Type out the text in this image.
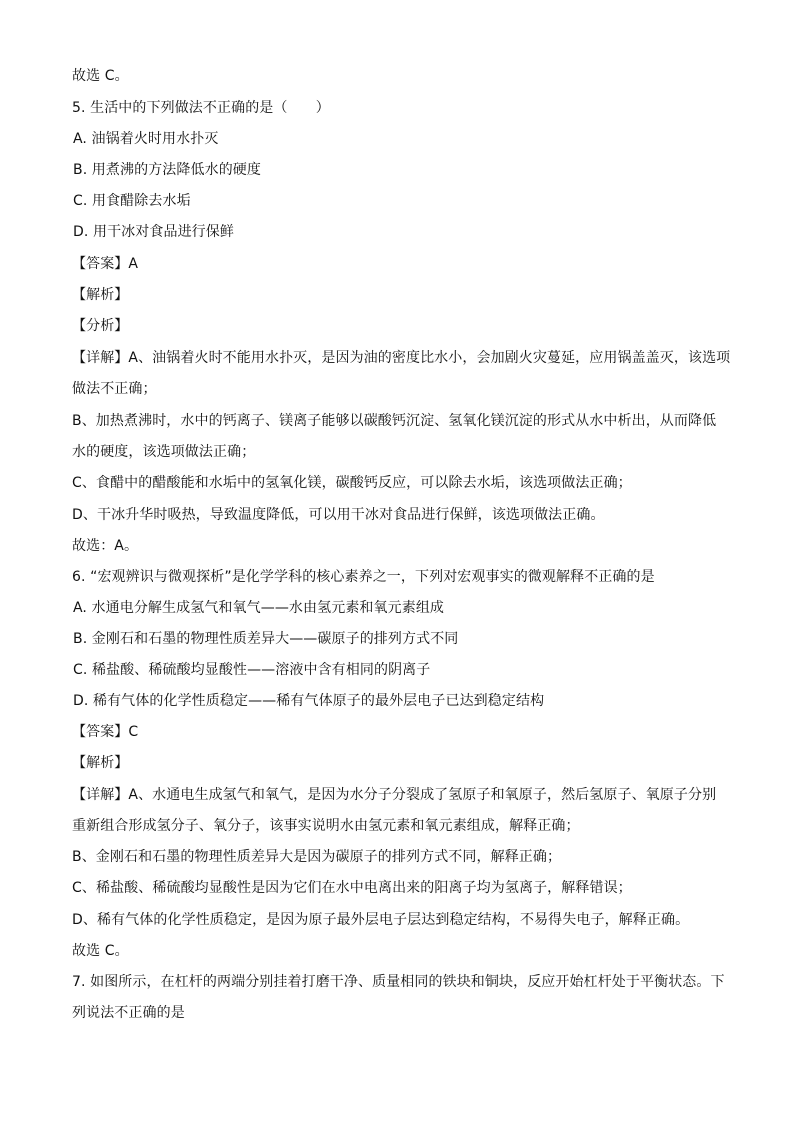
故选 C。
5. 生活中的下列做法不正确的是（　　）
A. 油锅着火时用水扑灭
B. 用煮沸的方法降低水的硬度
C. 用食醋除去水垢
D. 用干冰对食品进行保鲜
【答案】A
【解析】
【分析】
【详解】A、油锅着火时不能用水扑灭，是因为油的密度比水小，会加剧火灾蔓延，应用锅盖盖灭，该选项
做法不正确；
B、加热煮沸时，水中的钙离子、镁离子能够以碳酸钙沉淀、氢氧化镁沉淀的形式从水中析出，从而降低
水的硬度，该选项做法正确；
C、食醋中的醋酸能和水垢中的氢氧化镁，碳酸钙反应，可以除去水垢，该选项做法正确；
D、干冰升华时吸热，导致温度降低，可以用干冰对食品进行保鲜，该选项做法正确。
故选：A。
6. “宏观辨识与微观探析”是化学学科的核心素养之一，下列对宏观事实的微观解释不正确的是
A. 水通电分解生成氢气和氧气——水由氢元素和氧元素组成
B. 金刚石和石墨的物理性质差异大——碳原子的排列方式不同
C. 稀盐酸、稀硫酸均显酸性——溶液中含有相同的阴离子
D. 稀有气体的化学性质稳定——稀有气体原子的最外层电子已达到稳定结构
【答案】C
【解析】
【详解】A、水通电生成氢气和氧气，是因为水分子分裂成了氢原子和氧原子，然后氢原子、氧原子分别
重新组合形成氢分子、氧分子，该事实说明水由氢元素和氧元素组成，解释正确；
B、金刚石和石墨的物理性质差异大是因为碳原子的排列方式不同，解释正确；
C、稀盐酸、稀硫酸均显酸性是因为它们在水中电离出来的阳离子均为氢离子，解释错误；
D、稀有气体的化学性质稳定，是因为原子最外层电子层达到稳定结构，不易得失电子，解释正确。
故选 C。
7. 如图所示，在杠杆的两端分别挂着打磨干净、质量相同的铁块和铜块，反应开始杠杆处于平衡状态。下
列说法不正确的是
